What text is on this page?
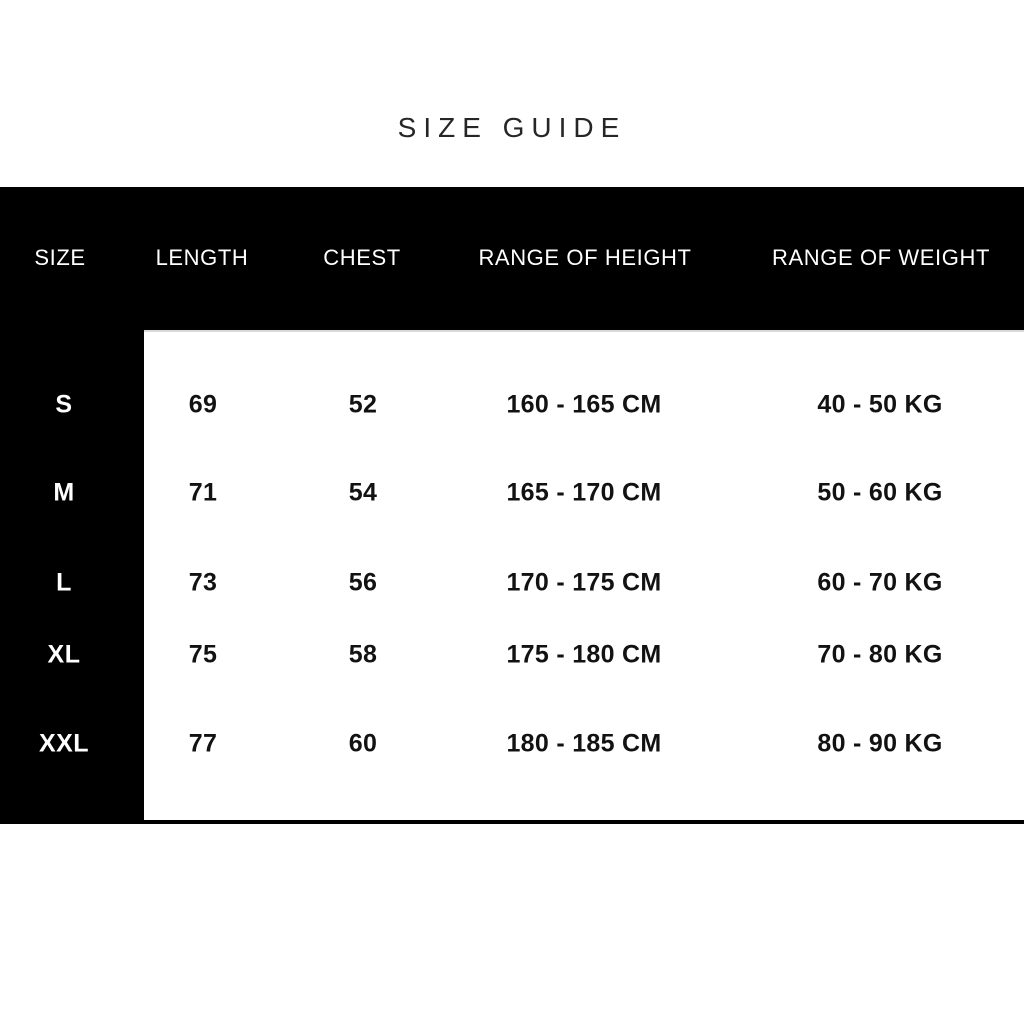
SIZE GUIDE
SIZE	LENGTH	CHEST	RANGE OF HEIGHT	RANGE OF WEIGHT
S	69	52	160 - 165 CM	40 - 50 KG
M	71	54	165 - 170 CM	50 - 60 KG
L	73	56	170 - 175 CM	60 - 70 KG
XL	75	58	175 - 180 CM	70 - 80 KG
XXL	77	60	180 - 185 CM	80 - 90 KG
